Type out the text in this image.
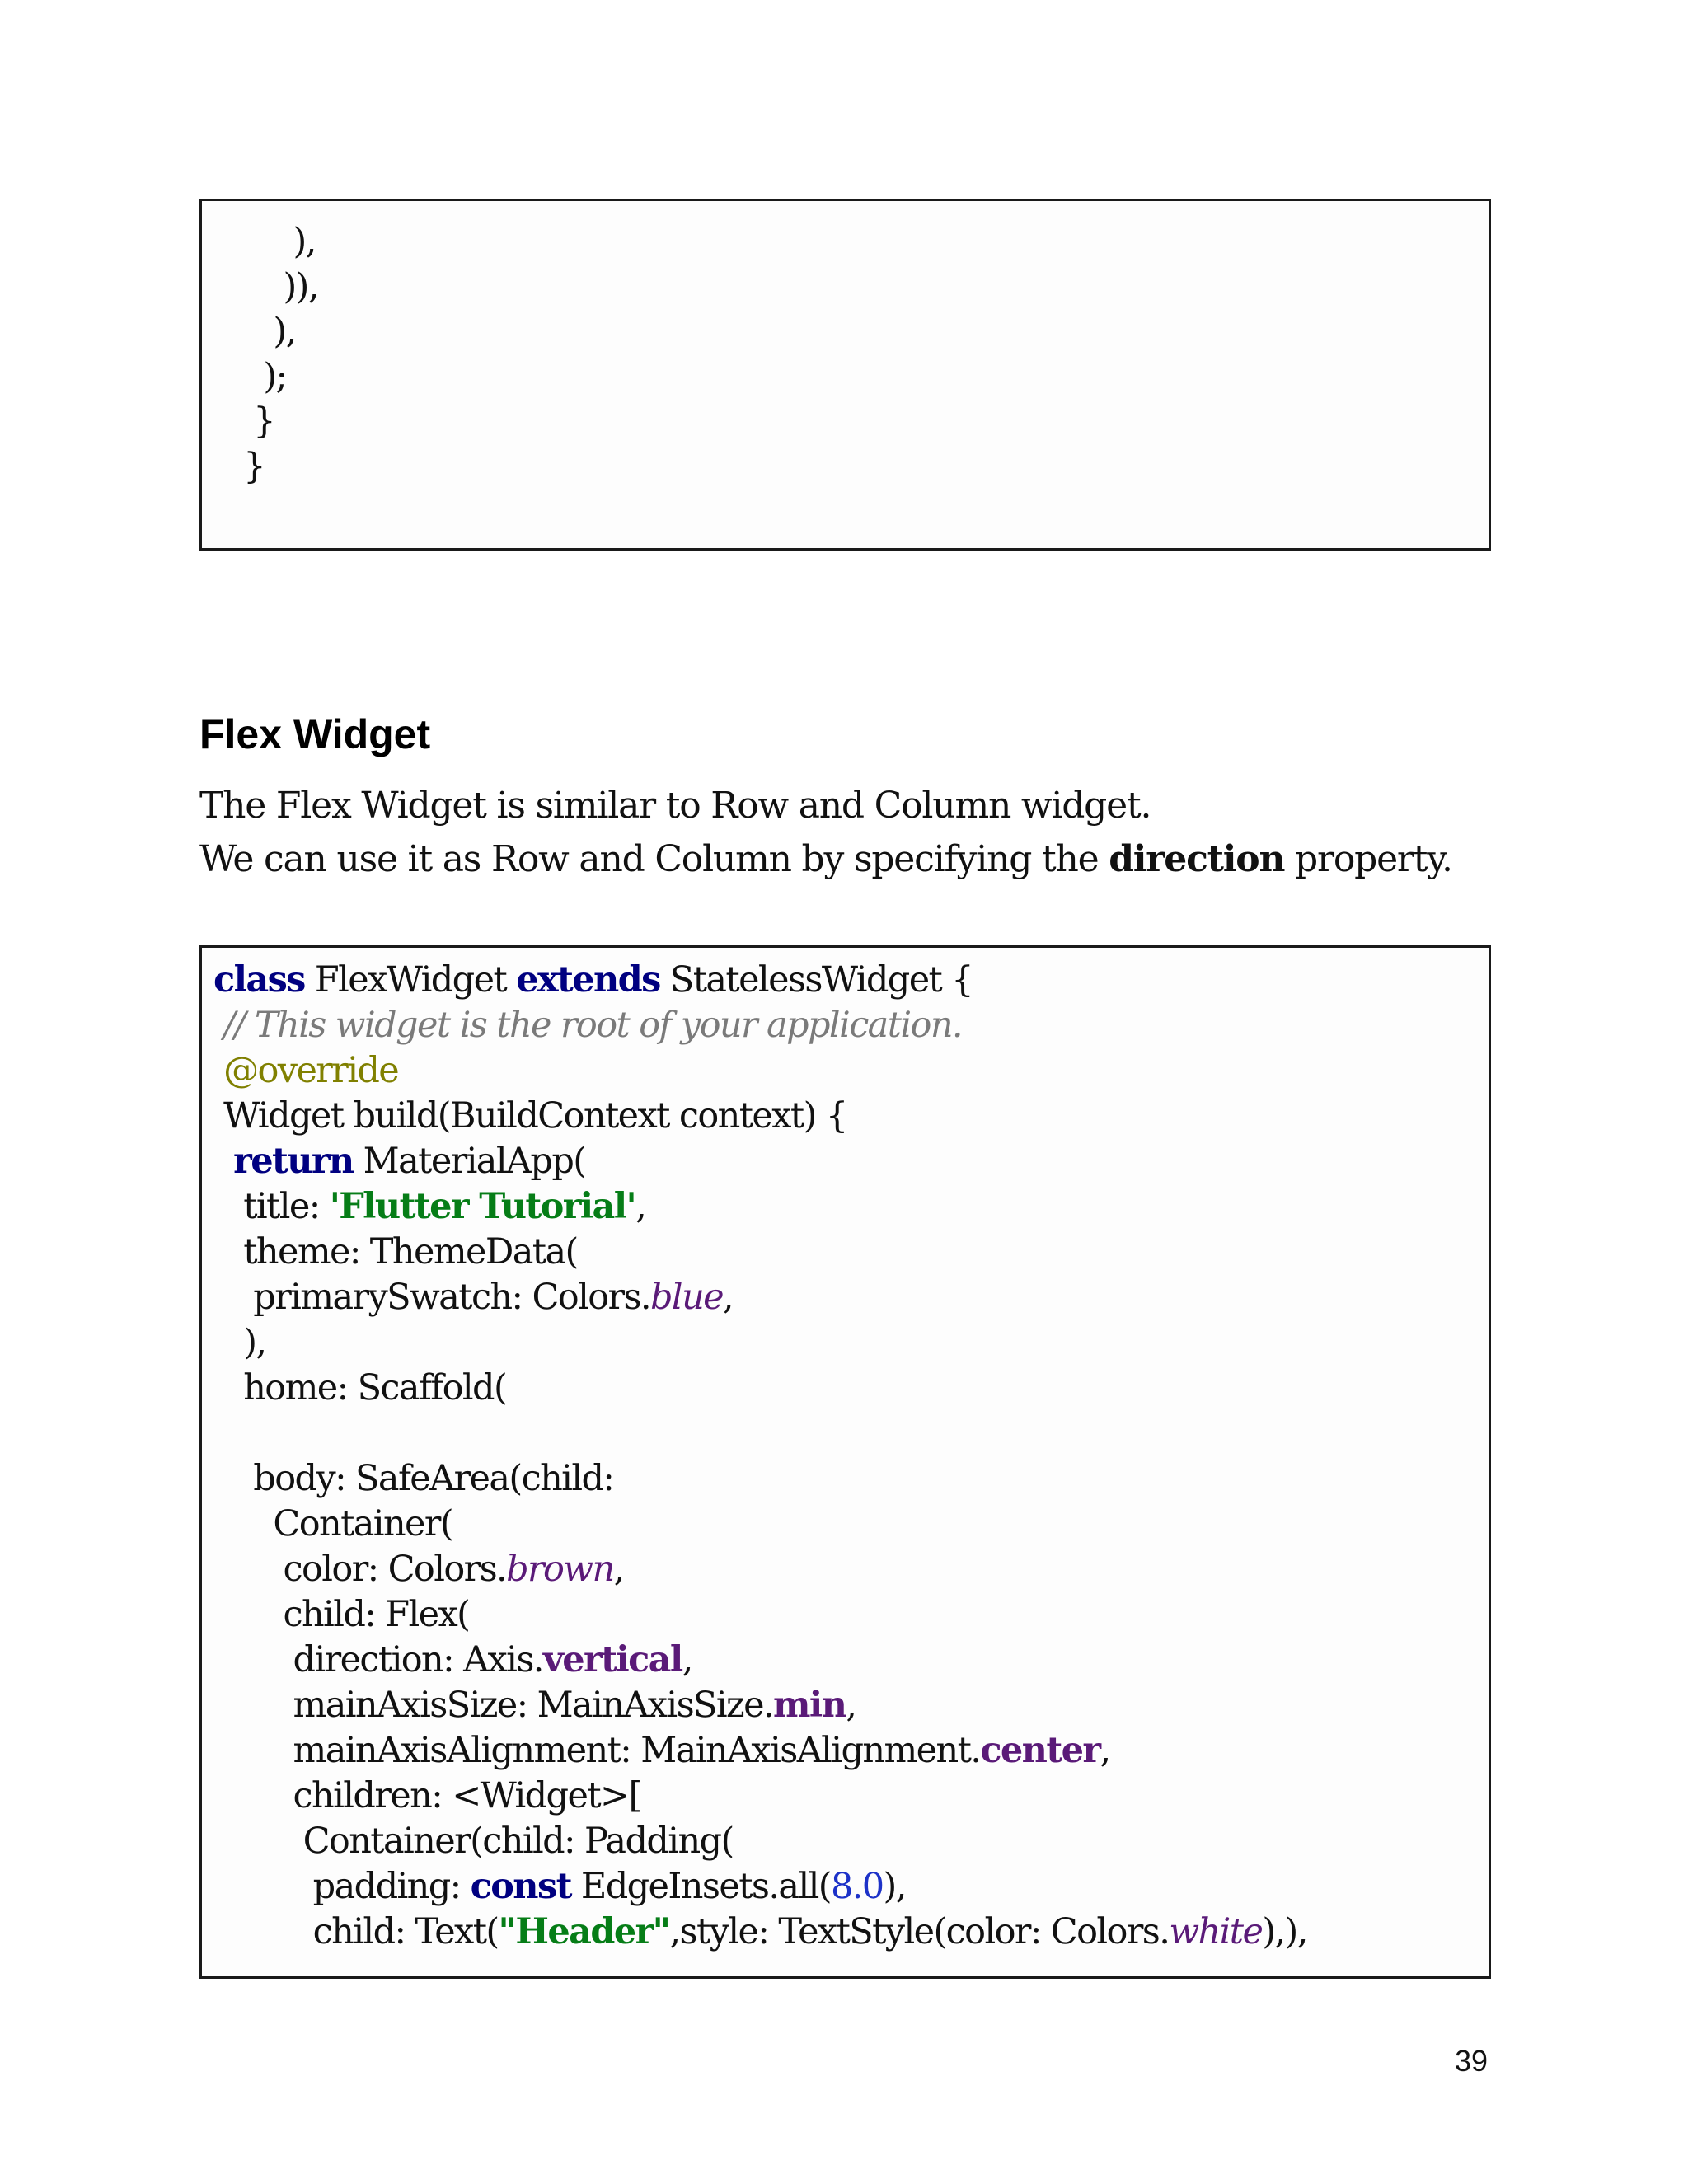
),
)),
),
);
}
}
Flex Widget

The Flex Widget is similar to Row and Column widget.

We can use it as Row and Column by specifying the direction property.

class FlexWidget extends StatelessWidget {
// This widget is the root of your application.
@override
Widget build(BuildContext context) {
return MaterialApp(
title: 'Flutter Tutorial',
theme: ThemeData(
primarySwatch: Colors.blue,
),
home: Scaffold(
body: SafeArea(child:
Container(
color: Colors.brown,
child: Flex(
direction: Axis.vertical,
mainAxisSize: MainAxisSize.min,
mainAxisAlignment: MainAxisAlignment.center,
children: <Widget>[
Container(child: Padding(
padding: const EdgeInsets.all(8.0),
child: Text("Header",style: TextStyle(color: Colors.white),),
39
